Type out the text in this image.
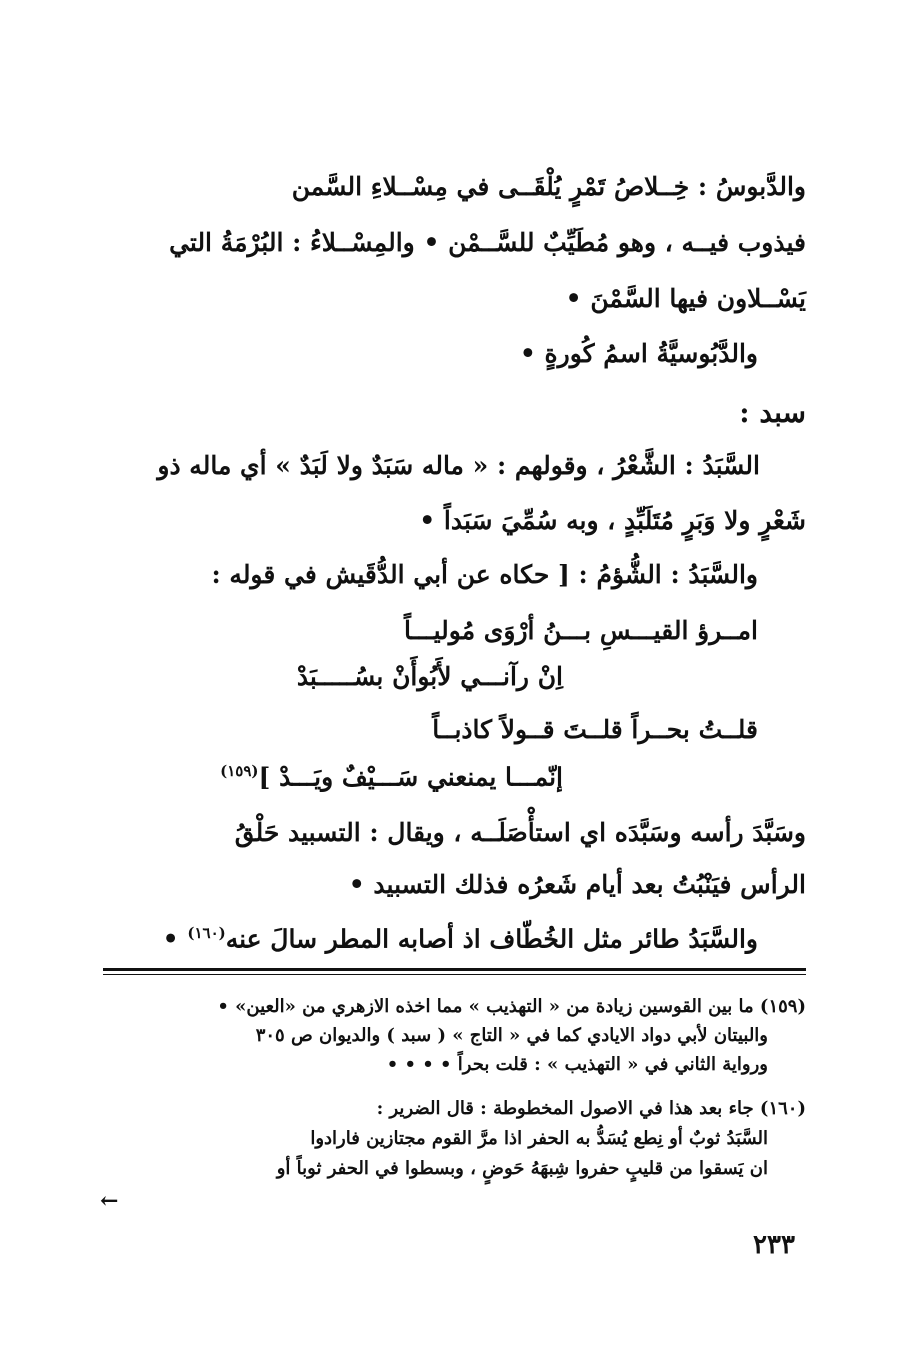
والدَّبوسُ : خِــلاصُ تَمْرٍ يُلْقَــى في مِسْــلاءِ السَّمن
فيذوب فيــه ، وهو مُطَيِّبٌ للسَّــمْن • والمِسْــلاءُ : البُرْمَةُ التي
يَسْــلاون فيها السَّمْنَ •
والدَّبُوسيَّةُ اسمُ كُورةٍ •
سبد :
السَّبَدُ : الشَّعْرُ ، وقولهم : « ماله سَبَدٌ ولا لَبَدٌ » أي ماله ذو
شَعْرٍ ولا وَبَرٍ مُتَلَبِّدٍ ، وبه سُمِّيَ سَبَداً •
والسَّبَدُ : الشُّؤمُ : [ حكاه عن أبي الدُّقَيش في قوله :
امــرؤ القيـــسِ بـــنُ أرْوَى مُوليـــاً
اِنْ رآنـــي لأَبُوأَنْ بسُـــــبَدْ
قلــتُ بحــراً قلــتَ قــولاً كاذبــاً
إنّمـــا يمنعني سَـــيْفٌ ويَـــدْ ]$^{(١٥٩)}$
وسَبَّدَ رأسه وسَبَّدَه اي استأْصَلَــه ، ويقال : التسبيد حَلْقُ
الرأس فيَنْبُتُ بعد أيام شَعرُه فذلك التسبيد •
والسَّبَدُ طائر مثل الخُطّاف اذ أصابه المطر سالَ عنه$^{(١٦٠)}$ •
(١٥٩) ما بين القوسين زيادة من « التهذيب » مما اخذه الازهري من «العين» •
والبيتان لأبي دواد الايادي كما في « التاج » ( سبد ) والديوان ص ٣٠٥
ورواية الثاني في « التهذيب » : قلت بحراً • • • •
(١٦٠) جاء بعد هذا في الاصول المخطوطة : قال الضرير :
السَّبَدُ ثوبٌ أو نِطع يُسَدُّ به الحفر اذا مرَّ القوم مجتازين فارادوا
ان يَسقوا من قليبٍ حفروا شِبهَهُ حَوضٍ ، وبسطوا في الحفر ثوباً أو
←
٢٣٣
